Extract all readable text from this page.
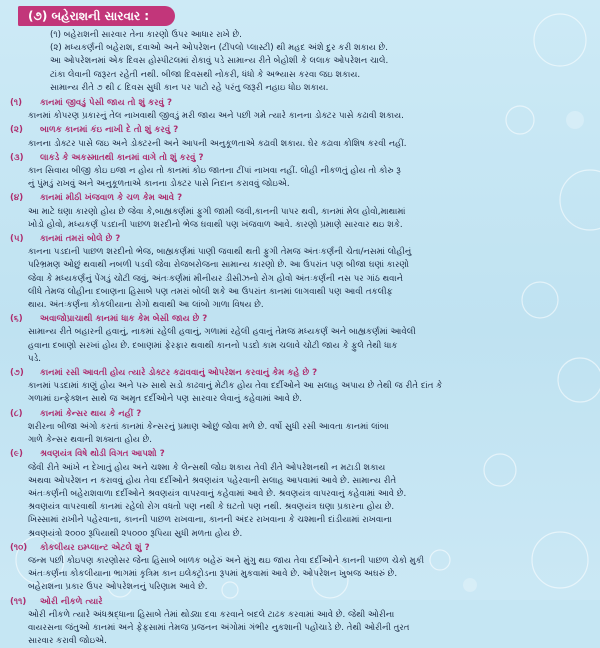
(૭) બહેરાશની સારવાર :
(૧) બહેરાશની સારવાર તેના કારણો ઉપર આધાર રાખે છે.
(૨) મધ્યકર્ણની બહેરાશ, દવાઓ અને ઓપરેશન (ટીંપલો પ્લાસ્ટી) થી મહદ અંશે દુર કરી શકાય છે.
આ ઓપરેશનમાં એક દિવસ હોસ્પીટલમાં રોકાવું પડે સામાન્ય રીતે બેહોશી કે લલાક ઓપરેશન ચાલે.
ટાંકા લેવાની જરૂરત રહેતી નથી. બીજા દિવસથી નોકરી, ધંધો કે અભ્યાસ કરવા જઇ શકાય.
સામાન્ય રીતે ૭ થી ૮ દિવસ સુધી કાન પર પાટો રહે પરંતુ જરૂરી નહાઇ ધોઇ શકાય.
(૧) કાનમાં જીવડું પેસી જાય તો શું કરવું ?
કાનમાં કોપરણ પ્રકારનું તેલ નાખવાથી જીવડું મરી જાય અને પછી ગમે ત્યારે કાનના ડોક્ટર પાસે કઢાવી શકાય.
(૨) બાળક કાનમાં કંઇ નાખી દે તો શું કરવું ?
કાનના ડોક્ટર પાસે જઇ અને ડોક્ટરની અને આપની અનુકૂળતાએ કઢાવી શકાય. ઘેર કઢાવા કોશિષ કરવી નહીં.
(૩) લાકડે કે અકસ્માતથી કાનમાં વાગે તો શું કરવું ?
કાન સિવાય બીજી કોઇ ઇજા ન હોય તો કાનમાં કોઇ જાતના ટીંપાં નાખવા નહીં. લોહી નીકળતું હોય તો કોરુ રૂ
નું પુંમડું રાખવું અને અનુકૂળતાએ કાનના ડોક્ટર પાસે નિદાન કરાવવું જોઇએ.
(૪) કાનમાં મીઠી ખંજવાળ કે ચળ કેમ આવે ?
આ માટે ઘણા કારણો હોય છે જેવા કે,બાહ્યકર્ણમાં ફુગી જામી જવી,કાનની પાપર થવી, કાનમાં મેલ હોવો,માથામાં
ખોડો હોવો, મધ્યકર્ણ પડદાની પાછળ શરદીનો ભેજ ઘવાથી પણ ખંજવાળ આવે. કારણો પ્રમાણે સારવાર થઇ શકે.
(૫) કાનમાં તમરાં બોલે છે ?
કાનના પડદાની પાછળ શરદીનો ભેજ, બાહ્યકર્ણમાં પાણી જવાથી થતી ફુગી તેમજ અંતઃકર્ણની ચેતા/નસમાં લોહીનું
પરિભ્રમણ ઓછું થવાથી નબળી પડવી જેવા રોજબરોજના સામાન્ય કારણો છે. આ ઉપરાંત પણ બીજા ઘણાં કારણો
જેવા કે મધ્યકર્ણનું પેંગડું ચોંટી જવું, અંતઃકર્ણમાં મીનીયર ડીસીઝનો રોગ હોવો અંતઃકર્ણની નસ પર ગાંઠ થવાને
લીધે તેમજ લોહીના દબાણના હિસાબે પણ તમરાં બોલી શકે આ ઉપરાંત કાનમાં લાગવાથી પણ આવી તકલીફ
થાય. અંતઃકર્ણના કોકલીયાના રોગો થવાથી આ લાંબો ગાળા વિષય છે.
(૬) અવાજોપ્રાચાથી કાનમાં ધાક કેમ બેસી જાય છે ?
સામાન્ય રીતે બહારની હવાનું, નાકમાં રહેલી હવાનું, ગળામાં રહેલી હવાનું તેમજ મધ્યકર્ણ અને બાહ્યકર્ણમાં આવેલી
હવાના દબાણો સરખાં હોય છે. દબાણમાં ફેરફાર થવાથી કાનનો પડદો કામ ચલાવે ચોંટી જાય કે ફુલે તેથી ધાક
પડે.
(૭) કાનમાં રસી આવતી હોય ત્યારે ડોક્ટર કઢાવવાનું ઓપરેશન કરવાનું કેમ કહે છે ?
કાનમાં પડદામાં કાણું હોય અને પરુ સાથે સડો કાઢવાનું મેટીક હોય તેવા દર્દીઓને આ સલાહ અપાય છે તેથી જ રીતે દાંત કે
ગળામાં ઇન્ફેક્શન સાથે જ અમૃત દર્દીઓને પણ સારવાર લેવાનું કહેવામાં આવે છે.
(૮) કાનમાં કેન્સર થાય કે નહીં ?
શરીરના બીજા અંગો કરતાં કાનમાં કેન્સરનું પ્રમાણ ઓછું જોવા મળે છે. વર્ષો સુધી રસી આવતા કાનમાં લાંબા
ગાળે કેન્સર થવાની શક્યતા હોય છે.
(૯) શ્રવણયંત્ર વિષે થોડી વિગત આપશો ?
જેવી રીતે આંખે ન દેખાતું હોય અને ચશ્મા કે લેન્સથી જોઇ શકાય તેવી રીતે ઓપરેશનથી ન મટાડી શકાય
અથવા ઓપરેશન ન કરાવવું હોય તેવા દર્દીઓને શ્રવણયંત્ર પહેરવાની સલાહ આપવામાં આવે છે. સામાન્ય રીતે
અંતઃકર્ણની બહેરાશવાળા દર્દીઓને શ્રવણયંત્ર વાપરવાનું કહેવામાં આવે છે. શ્રવણયંત્ર વાપરવાનું કહેવામાં આવે છે.
શ્રવણયંત્ર વાપરવાથી કાનમાં રહેલો રોગ વધતો પણ નથી કે ઘટતો પણ નથી. શ્રવણયંત્ર ઘણા પ્રકારના હોય છે.
ખિસ્સામાં રાખીને પહેરવાના, કાનની પાછળ રાખવાના, કાનની અંદર રાખવાના કે ચશ્માની દાંડીયામાં રાખવાના
શ્રવણયંત્રો ૨૦૦૦ રૂપિયાથી ૨૫૦૦૦ રૂપિયા સુધી મળતા હોય છે.
(૧૦) કોકલીયર ઇમ્પ્લાન્ટ એટલે શું ?
જન્મ પછી કોઇપણ કારણોસર જેના હિસાબે બાળક બહેરું અને મુંગુ થઇ જાય તેવા દર્દીઓને કાનની પાછળ ચેકો મુકી
અંતઃકર્ણના કોકલીયાના ભાગમાં કૃત્રિમ કાન ઇલેક્ટ્રોડના રૂપમાં મુકવામાં આવે છે. ઓપરેશન ખુબજ અઘરું છે.
બહેરાશના પ્રકાર ઉપર ઓપરેશનનું પરિણામ આવે છે.
(૧૧) ઓરી નીકળે ત્યારે
ઓરી નીકળે ત્યારે અંધશ્રદ્ધાના હિસાબે તેમાં થોડ્યા દવા કરવાને બદલે ટાઢક કરવામાં આવે છે. જેથી ઓરીના
વાયરસના જંતુઓ કાનમાં અને ફેફસામાં તેમજ પ્રજનન અંગોમાં ગંભીર નુકશાની પહોંચાડે છે. તેથી ઓરીની તુરત
સારવાર કરાવી જોઇએ.
